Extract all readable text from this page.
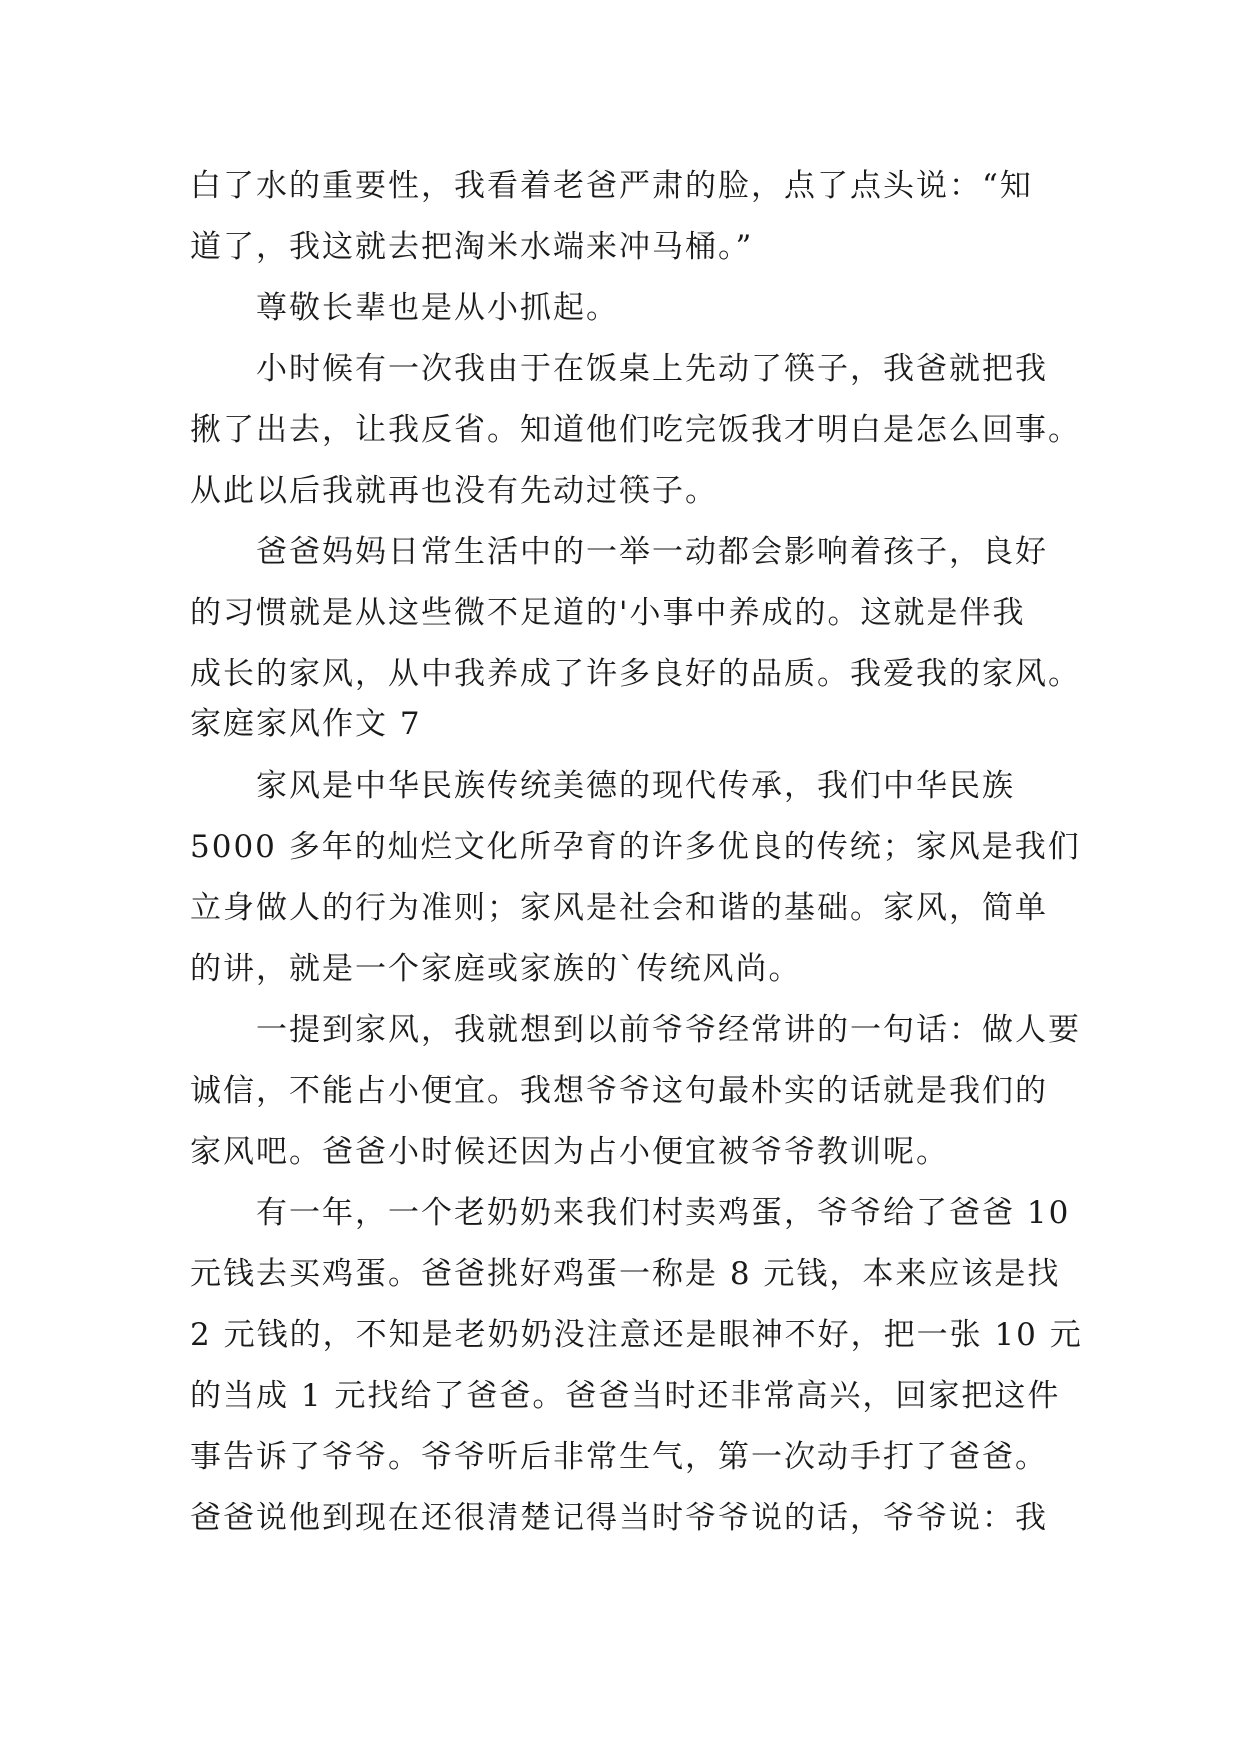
白了水的重要性，我看着老爸严肃的脸，点了点头说：“知
道了，我这就去把淘米水端来冲马桶。”
尊敬长辈也是从小抓起。
小时候有一次我由于在饭桌上先动了筷子，我爸就把我
揪了出去，让我反省。知道他们吃完饭我才明白是怎么回事。
从此以后我就再也没有先动过筷子。
爸爸妈妈日常生活中的一举一动都会影响着孩子，良好
的习惯就是从这些微不足道的'小事中养成的。这就是伴我
成长的家风，从中我养成了许多良好的品质。我爱我的家风。
家庭家风作文 7
家风是中华民族传统美德的现代传承，我们中华民族
5000 多年的灿烂文化所孕育的许多优良的传统；家风是我们
立身做人的行为准则；家风是社会和谐的基础。家风，简单
的讲，就是一个家庭或家族的`传统风尚。
一提到家风，我就想到以前爷爷经常讲的一句话：做人要
诚信，不能占小便宜。我想爷爷这句最朴实的话就是我们的
家风吧。爸爸小时候还因为占小便宜被爷爷教训呢。
有一年，一个老奶奶来我们村卖鸡蛋，爷爷给了爸爸 10
元钱去买鸡蛋。爸爸挑好鸡蛋一称是 8 元钱，本来应该是找
2 元钱的，不知是老奶奶没注意还是眼神不好，把一张 10 元
的当成 1 元找给了爸爸。爸爸当时还非常高兴，回家把这件
事告诉了爷爷。爷爷听后非常生气，第一次动手打了爸爸。
爸爸说他到现在还很清楚记得当时爷爷说的话，爷爷说：我
